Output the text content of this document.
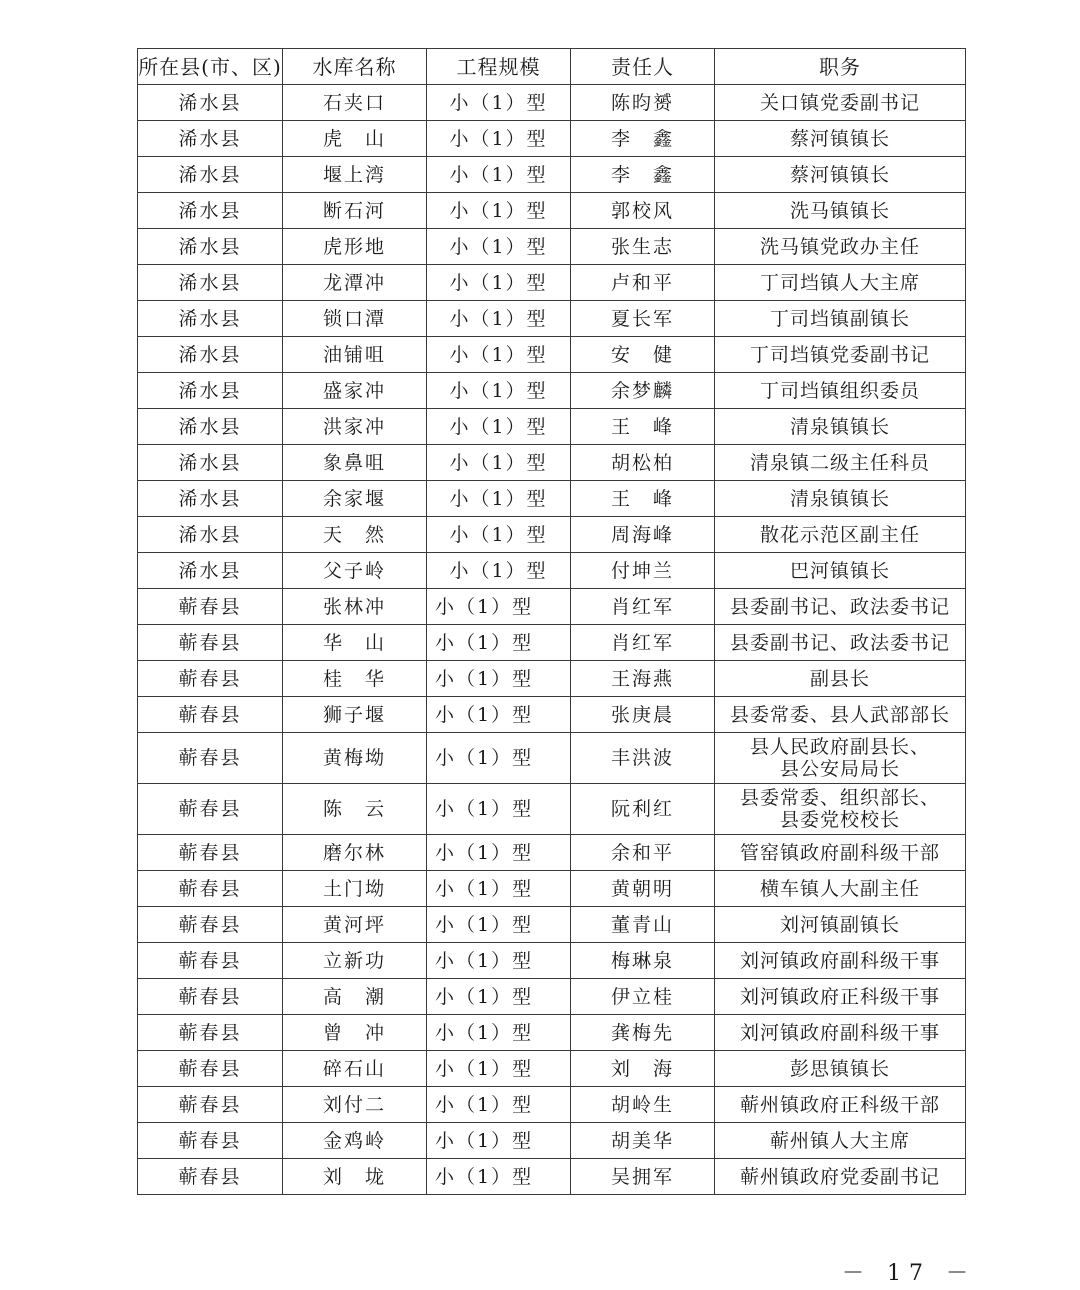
所在县(市、区)	水库名称	工程规模	责任人	职务
浠水县	石夹口	小（1）型	陈昀赟	关口镇党委副书记
浠水县	虎　山	小（1）型	李　鑫	蔡河镇镇长
浠水县	堰上湾	小（1）型	李　鑫	蔡河镇镇长
浠水县	断石河	小（1）型	郭校风	洗马镇镇长
浠水县	虎形地	小（1）型	张生志	洗马镇党政办主任
浠水县	龙潭冲	小（1）型	卢和平	丁司垱镇人大主席
浠水县	锁口潭	小（1）型	夏长军	丁司垱镇副镇长
浠水县	油铺咀	小（1）型	安　健	丁司垱镇党委副书记
浠水县	盛家冲	小（1）型	余梦麟	丁司垱镇组织委员
浠水县	洪家冲	小（1）型	王　峰	清泉镇镇长
浠水县	象鼻咀	小（1）型	胡松柏	清泉镇二级主任科员
浠水县	余家堰	小（1）型	王　峰	清泉镇镇长
浠水县	天　然	小（1）型	周海峰	散花示范区副主任
浠水县	父子岭	小（1）型	付坤兰	巴河镇镇长
蕲春县	张林冲	小（1）型	肖红军	县委副书记、政法委书记
蕲春县	华　山	小（1）型	肖红军	县委副书记、政法委书记
蕲春县	桂　华	小（1）型	王海燕	副县长
蕲春县	狮子堰	小（1）型	张庚晨	县委常委、县人武部部长
蕲春县	黄梅坳	小（1）型	丰洪波	县人民政府副县长、
县公安局局长

蕲春县	陈　云	小（1）型	阮利红	县委常委、组织部长、
县委党校校长

蕲春县	磨尔林	小（1）型	余和平	管窑镇政府副科级干部
蕲春县	土门坳	小（1）型	黄朝明	横车镇人大副主任
蕲春县	黄河坪	小（1）型	董青山	刘河镇副镇长
蕲春县	立新功	小（1）型	梅琳泉	刘河镇政府副科级干事
蕲春县	高　潮	小（1）型	伊立桂	刘河镇政府正科级干事
蕲春县	曾　冲	小（1）型	龚梅先	刘河镇政府副科级干事
蕲春县	碎石山	小（1）型	刘　海	彭思镇镇长
蕲春县	刘付二	小（1）型	胡岭生	蕲州镇政府正科级干部
蕲春县	金鸡岭	小（1）型	胡美华	蕲州镇人大主席
蕲春县	刘　垅	小（1）型	吴拥军	蕲州镇政府党委副书记
－ 17 －
